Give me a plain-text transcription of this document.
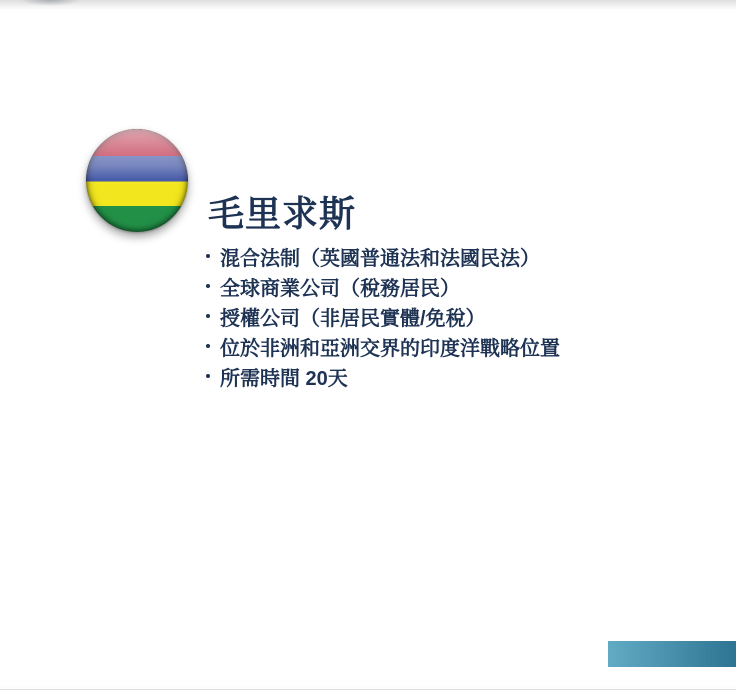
毛里求斯
混合法制（英國普通法和法國民法）
全球商業公司（稅務居民）
授權公司（非居民實體/免稅）
位於非洲和亞洲交界的印度洋戰略位置
所需時間 20天
